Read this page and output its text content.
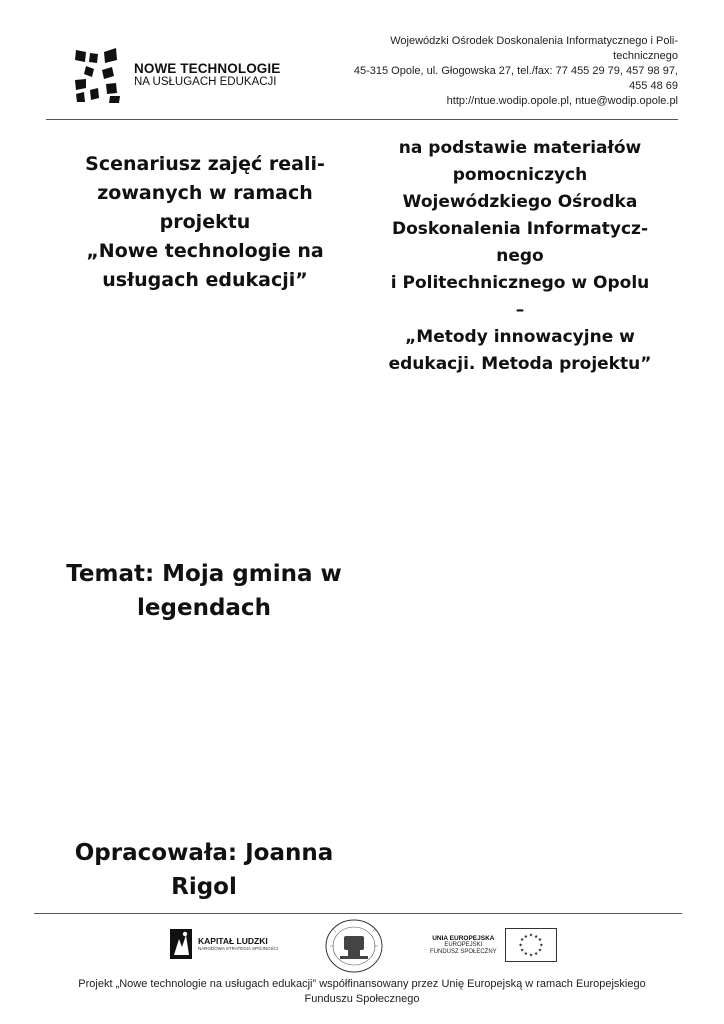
NOWE TECHNOLOGIE
NA USŁUGACH EDUKACJI
Wojewódzki Ośrodek Doskonalenia Informatycznego i Poli-
technicznego
45-315 Opole, ul. Głogowska 27, tel./fax: 77 455 29 79, 457 98 97,
455 48 69
http://ntue.wodip.opole.pl, ntue@wodip.opole.pl
Scenariusz zajęć reali-
zowanych w ramach
projektu
„Nowe technologie na
usługach edukacji”
na podstawie materiałów
pomocniczych
Wojewódzkiego Ośrodka
Doskonalenia Informatycz-
nego
i Politechnicznego w Opolu
–
„Metody innowacyjne w
edukacji. Metoda projektu”
Temat: Moja gmina w
legendach
Opracowała: Joanna
Rigol
KAPITAŁ LUDZKI
NARODOWA STRATEGIA SPÓJNOŚCI
UNIA EUROPEJSKA
EUROPEJSKI
FUNDUSZ SPOŁECZNY
★ ★
★
★
★
★
★
★
★
★
★
★
Projekt „Nowe technologie na usługach edukacji” współfinansowany przez Unię Europejską w ramach Europejskiego
Funduszu Społecznego
